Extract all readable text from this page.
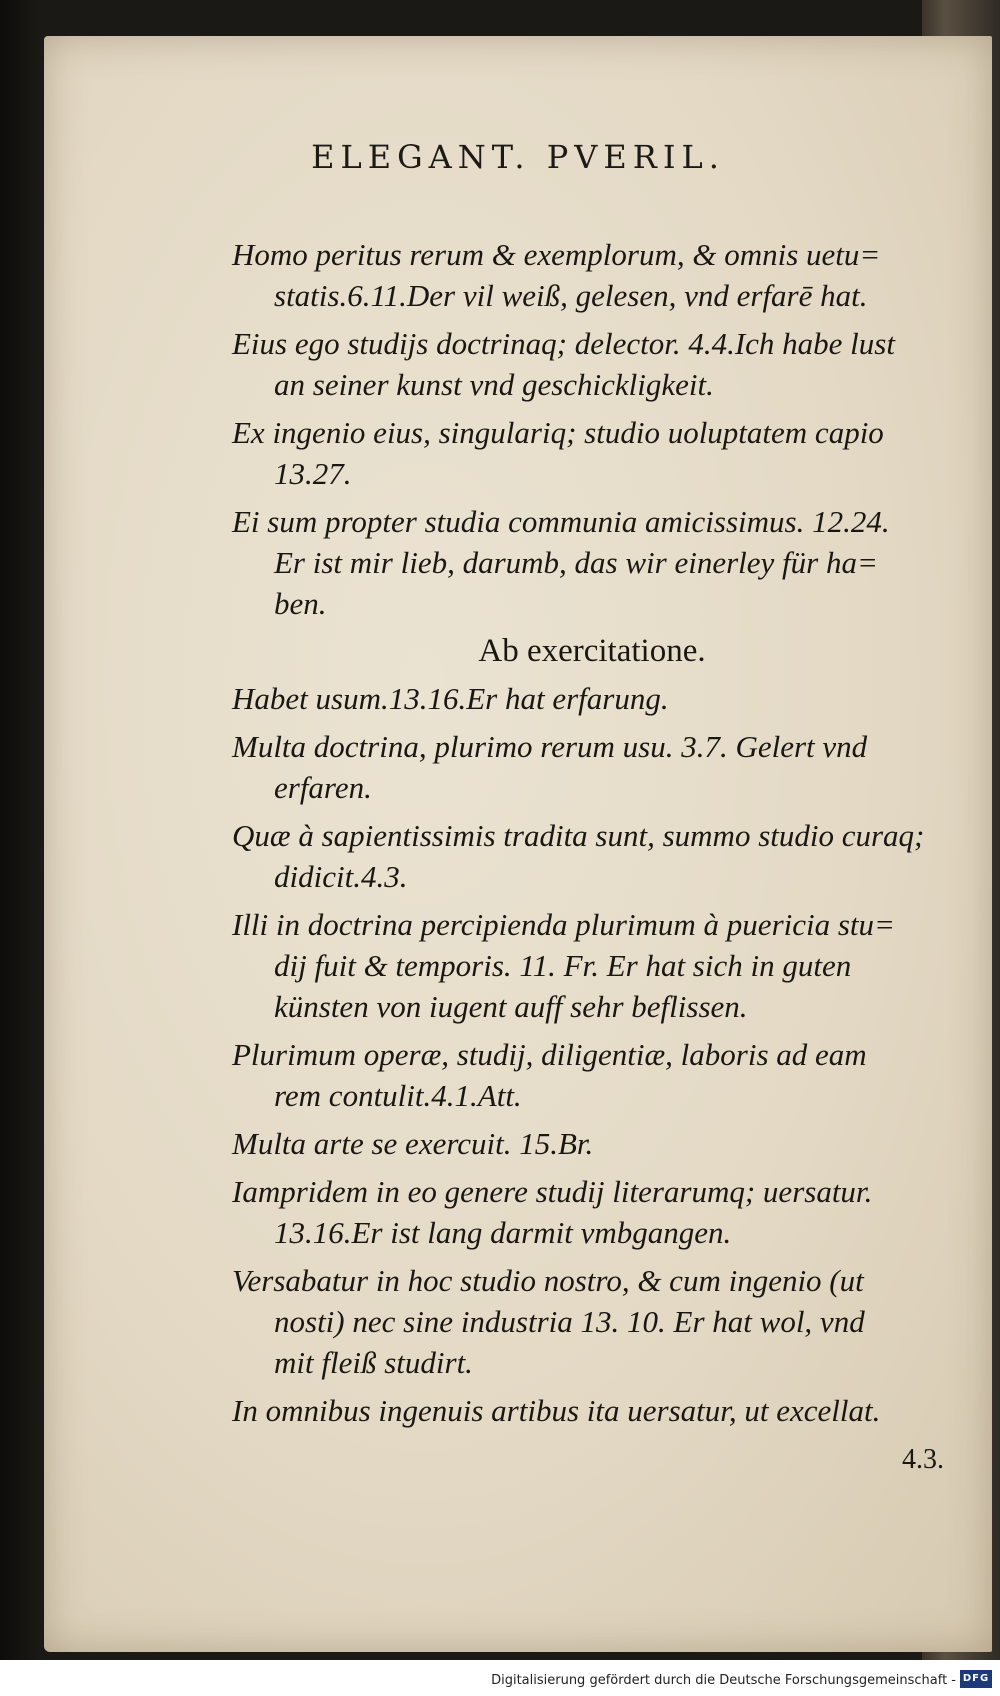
ELEGANT. PVERIL.
Homo peritus rerum & exemplorum, & omnis uetu=
statis.6.11.Der vil weiß, gelesen, vnd erfarē hat.
Eius ego studijs doctrinaq; delector. 4.4.Ich habe lust
an seiner kunst vnd geschickligkeit.
Ex ingenio eius, singulariq; studio uoluptatem capio
13.27.
Ei sum propter studia communia amicissimus. 12.24.
Er ist mir lieb, darumb, das wir einerley für ha=
ben.
Ab exercitatione.
Habet usum.13.16.Er hat erfarung.
Multa doctrina, plurimo rerum usu. 3.7. Gelert vnd
erfaren.
Quæ à sapientissimis tradita sunt, summo studio curaq;
didicit.4.3.
Illi in doctrina percipienda plurimum à puericia stu=
dij fuit & temporis. 11. Fr. Er hat sich in guten
künsten von iugent auff sehr beflissen.
Plurimum operæ, studij, diligentiæ, laboris ad eam
rem contulit.4.1.Att.
Multa arte se exercuit. 15.Br.
Iampridem in eo genere studij literarumq; uersatur.
13.16.Er ist lang darmit vmbgangen.
Versabatur in hoc studio nostro, & cum ingenio (ut
nosti) nec sine industria 13. 10. Er hat wol, vnd
mit fleiß studirt.
In omnibus ingenuis artibus ita uersatur, ut excellat.
4.3.
Digitalisierung gefördert durch die Deutsche Forschungsgemeinschaft - DFG
